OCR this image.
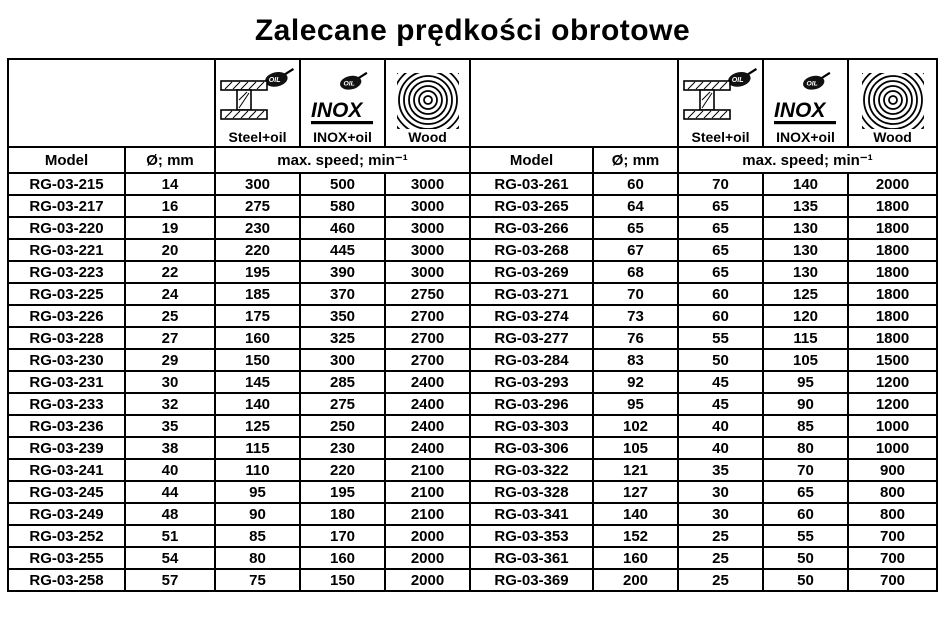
Zalecane prędkości obrotowe

		Steel+oil	INOX+oil	Wood			Steel+oil	INOX+oil	Wood

Model	Ø; mm	max. speed; min⁻¹			Model	Ø; mm	max. speed; min⁻¹		
RG-03-215	14	300	500	3000	RG-03-261	60	70	140	2000
RG-03-217	16	275	580	3000	RG-03-265	64	65	135	1800
RG-03-220	19	230	460	3000	RG-03-266	65	65	130	1800
RG-03-221	20	220	445	3000	RG-03-268	67	65	130	1800
RG-03-223	22	195	390	3000	RG-03-269	68	65	130	1800
RG-03-225	24	185	370	2750	RG-03-271	70	60	125	1800
RG-03-226	25	175	350	2700	RG-03-274	73	60	120	1800
RG-03-228	27	160	325	2700	RG-03-277	76	55	115	1800
RG-03-230	29	150	300	2700	RG-03-284	83	50	105	1500
RG-03-231	30	145	285	2400	RG-03-293	92	45	95	1200
RG-03-233	32	140	275	2400	RG-03-296	95	45	90	1200
RG-03-236	35	125	250	2400	RG-03-303	102	40	85	1000
RG-03-239	38	115	230	2400	RG-03-306	105	40	80	1000
RG-03-241	40	110	220	2100	RG-03-322	121	35	70	900
RG-03-245	44	95	195	2100	RG-03-328	127	30	65	800
RG-03-249	48	90	180	2100	RG-03-341	140	30	60	800
RG-03-252	51	85	170	2000	RG-03-353	152	25	55	700
RG-03-255	54	80	160	2000	RG-03-361	160	25	50	700
RG-03-258	57	75	150	2000	RG-03-369	200	25	50	700
